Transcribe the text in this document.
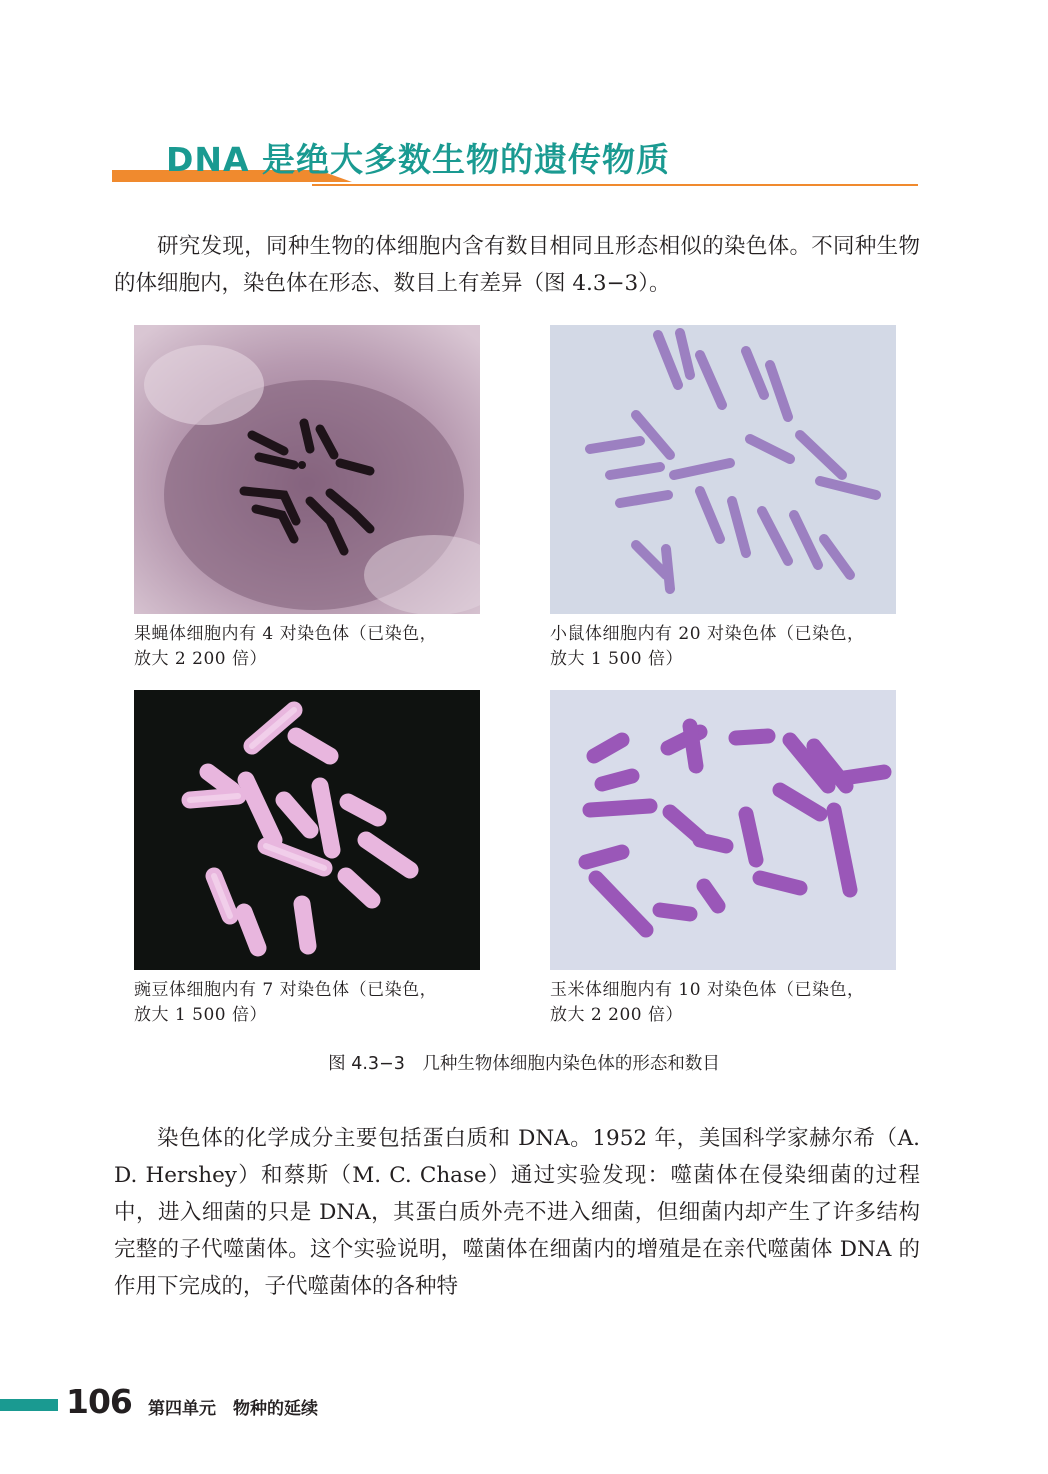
DNA 是绝大多数生物的遗传物质

研究发现，同种生物的体细胞内含有数目相同且形态相似的染色体。不同种生物的体细胞内，染色体在形态、数目上有差异（图 4.3−3）。

果蝇体细胞内有 4 对染色体（已染色，
放大 2 200 倍）
小鼠体细胞内有 20 对染色体（已染色，
放大 1 500 倍）
豌豆体细胞内有 7 对染色体（已染色，
放大 1 500 倍）
玉米体细胞内有 10 对染色体（已染色，
放大 2 200 倍）
图 4.3−3　几种生物体细胞内染色体的形态和数目

染色体的化学成分主要包括蛋白质和 DNA。1952 年，美国科学家赫尔希（A. D. Hershey）和蔡斯（M. C. Chase）通过实验发现：噬菌体在侵染细菌的过程中，进入细菌的只是 DNA，其蛋白质外壳不进入细菌，但细菌内却产生了许多结构完整的子代噬菌体。这个实验说明，噬菌体在细菌内的增殖是在亲代噬菌体 DNA 的作用下完成的，子代噬菌体的各种特

106 第四单元　物种的延续
